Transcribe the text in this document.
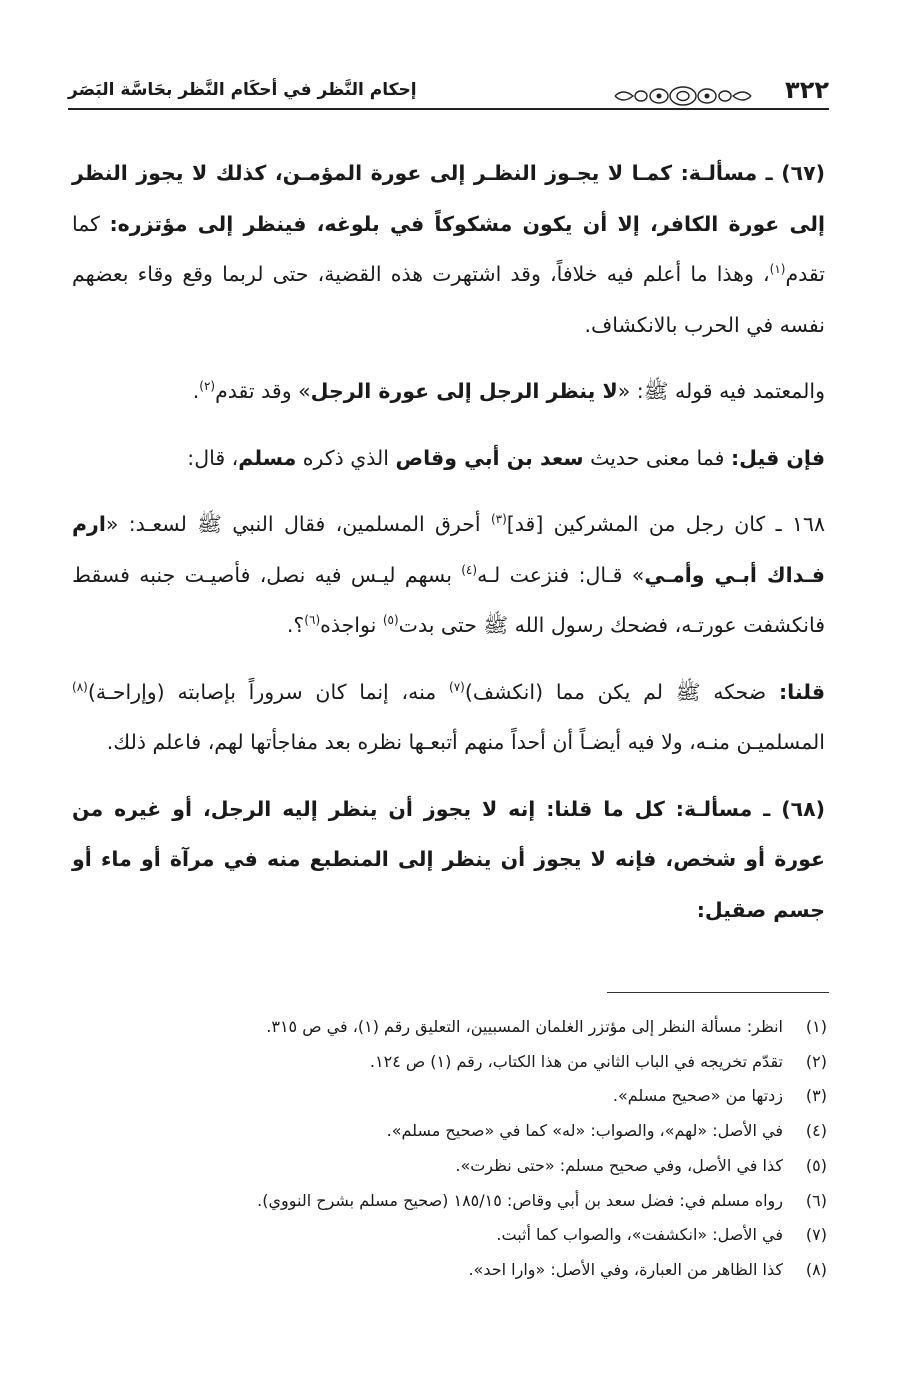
٣٢٢
إحكام النَّظر في أحكَام النَّظر بحَاسَّة البَصَر

(٦٧) ـ مسألـة: كمـا لا يجـوز النظـر إلى عورة المؤمـن، كذلك لا يجوز النظر إلى عورة الكافر، إلا أن يكون مشكوكاً في بلوغه، فينظر إلى مؤتزره: كما تقدم$^{(١)}$، وهذا ما أعلم فيه خلافاً، وقد اشتهرت هذه القضية، حتى لربما وقع وقاء بعضهم نفسه في الحرب بالانكشاف.

والمعتمد فيه قوله ﷺ: «لا ينظر الرجل إلى عورة الرجل» وقد تقدم$^{(٢)}$.

فإن قيل: فما معنى حديث سعد بن أبي وقاص الذي ذكره مسلم، قال:

١٦٨ ـ كان رجل من المشركين [قد]$^{(٣)}$ أحرق المسلمين، فقال النبي ﷺ لسعـد: «ارم فـداك أبـي وأمـي» قـال: فنزعت لـه$^{(٤)}$ بسهم ليـس فيه نصل، فأصيـت جنبه فسقط فانكشفت عورتـه، فضحك رسول الله ﷺ حتى بدت$^{(٥)}$ نواجذه$^{(٦)}$؟.

قلنا: ضحكه ﷺ لم يكن مما (انكشف)$^{(٧)}$ منه، إنما كان سروراً بإصابته (وإراحـة)$^{(٨)}$ المسلميـن منـه، ولا فيه أيضـاً أن أحداً منهم أتبعـها نظره بعد مفاجأتها لهم، فاعلم ذلك.

(٦٨) ـ مسألـة: كل ما قلنا: إنه لا يجوز أن ينظر إليه الرجل، أو غيره من عورة أو شخص، فإنه لا يجوز أن ينظر إلى المنطبع منه في مرآة أو ماء أو جسم صقيل:

(١)انظر: مسألة النظر إلى مؤتزر الغلمان المسبيين، التعليق رقم (١)، في ص ٣١٥.
(٢)تقدّم تخريجه في الباب الثاني من هذا الكتاب، رقم (١) ص ١٢٤.
(٣)زدتها من «صحيح مسلم».
(٤)في الأصل: «لهم»، والصواب: «له» كما في «صحيح مسلم».
(٥)كذا في الأصل، وفي صحيح مسلم: «حتى نظرت».
(٦)رواه مسلم في: فضل سعد بن أبي وقاص: ١٨٥/١٥ (صحيح مسلم بشرح النووي).
(٧)في الأصل: «انكشفت»، والصواب كما أثبت.
(٨)كذا الظاهر من العبارة، وفي الأصل: «وارا احد».
